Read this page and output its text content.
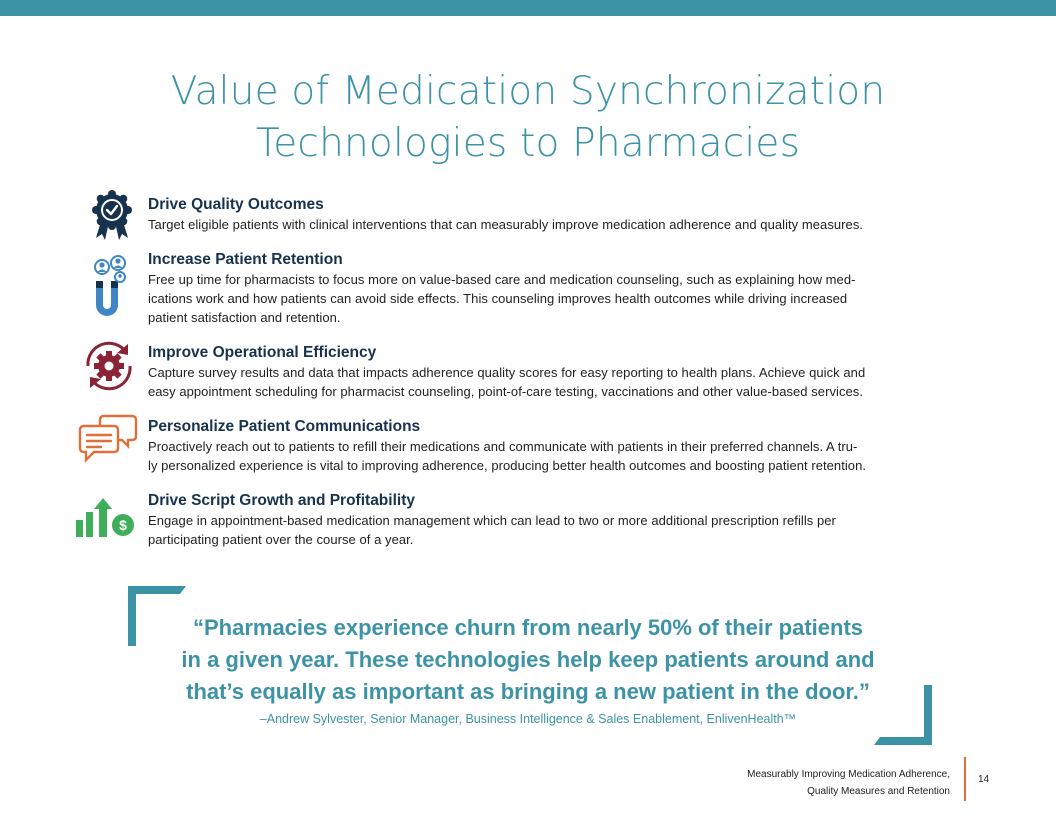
Value of Medication Synchronization
Technologies to Pharmacies
Drive Quality Outcomes
Target eligible patients with clinical interventions that can measurably improve medication adherence and quality measures.
Increase Patient Retention
Free up time for pharmacists to focus more on value-based care and medication counseling, such as explaining how med-
ications work and how patients can avoid side effects. This counseling improves health outcomes while driving increased
patient satisfaction and retention.
Improve Operational Efficiency
Capture survey results and data that impacts adherence quality scores for easy reporting to health plans. Achieve quick and
easy appointment scheduling for pharmacist counseling, point-of-care testing, vaccinations and other value-based services.
Personalize Patient Communications
Proactively reach out to patients to refill their medications and communicate with patients in their preferred channels. A tru-
ly personalized experience is vital to improving adherence, producing better health outcomes and boosting patient retention.
$
Drive Script Growth and Profitability
Engage in appointment-based medication management which can lead to two or more additional prescription refills per
participating patient over the course of a year.
“Pharmacies experience churn from nearly 50% of their patients
in a given year. These technologies help keep patients around and
that’s equally as important as bringing a new patient in the door.”
–Andrew Sylvester, Senior Manager, Business Intelligence & Sales Enablement, EnlivenHealth™
Measurably Improving Medication Adherence,
Quality Measures and Retention
14
